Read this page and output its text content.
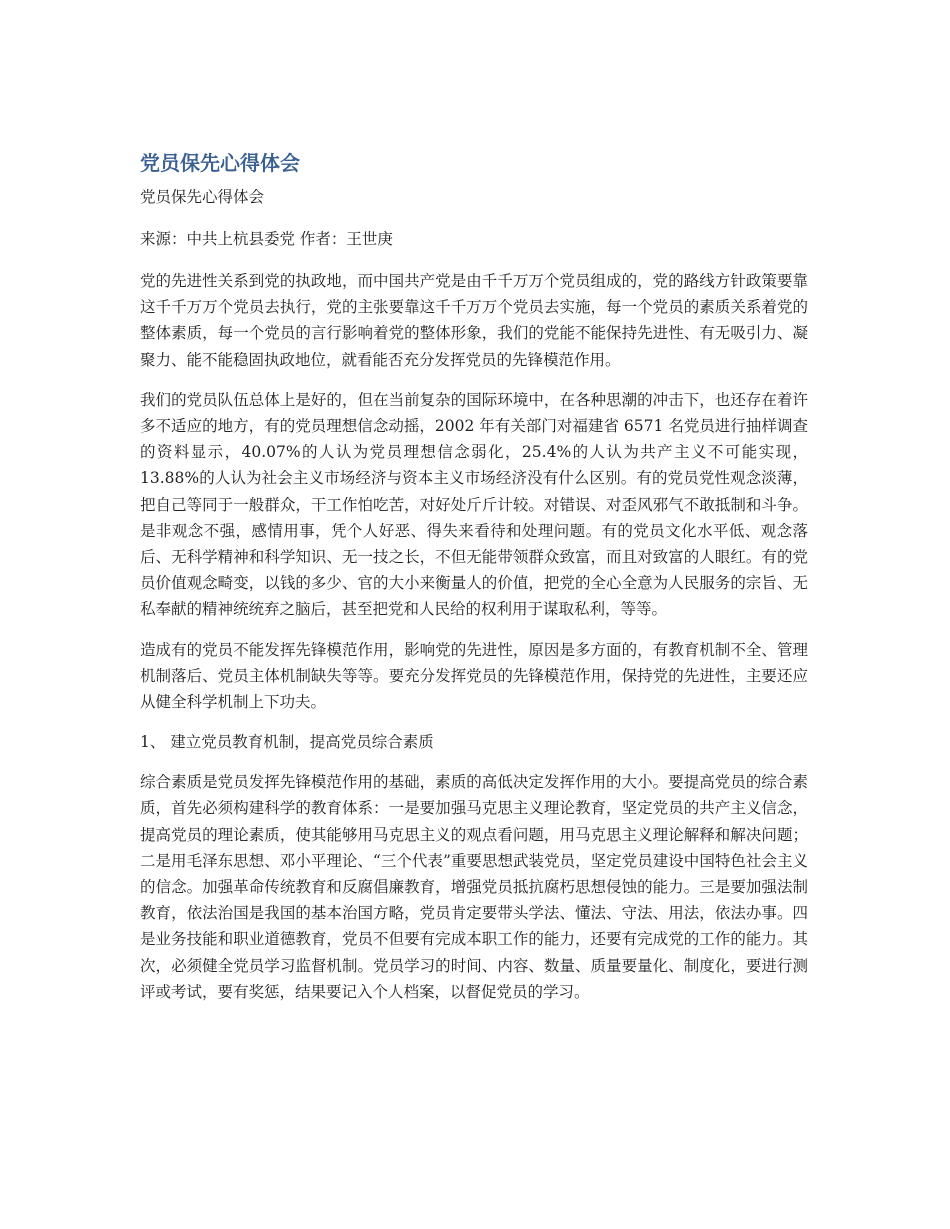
党员保先心得体会
党员保先心得体会
来源：中共上杭县委党 作者：王世庚

党的先进性关系到党的执政地，而中国共产党是由千千万万个党员组成的，党的路线方针政策要靠这千千万万个党员去执行，党的主张要靠这千千万万个党员去实施，每一个党员的素质关系着党的整体素质，每一个党员的言行影响着党的整体形象，我们的党能不能保持先进性、有无吸引力、凝聚力、能不能稳固执政地位，就看能否充分发挥党员的先锋模范作用。

我们的党员队伍总体上是好的，但在当前复杂的国际环境中，在各种思潮的冲击下，也还存在着许多不适应的地方，有的党员理想信念动摇，2002 年有关部门对福建省 6571 名党员进行抽样调查的资料显示，40.07%的人认为党员理想信念弱化，25.4%的人认为共产主义不可能实现，13.88%的人认为社会主义市场经济与资本主义市场经济没有什么区别。有的党员党性观念淡薄，把自己等同于一般群众，干工作怕吃苦，对好处斤斤计较。对错误、对歪风邪气不敢抵制和斗争。是非观念不强，感情用事，凭个人好恶、得失来看待和处理问题。有的党员文化水平低、观念落后、无科学精神和科学知识、无一技之长，不但无能带领群众致富，而且对致富的人眼红。有的党员价值观念畸变，以钱的多少、官的大小来衡量人的价值，把党的全心全意为人民服务的宗旨、无私奉献的精神统统弃之脑后，甚至把党和人民给的权利用于谋取私利，等等。

造成有的党员不能发挥先锋模范作用，影响党的先进性，原因是多方面的，有教育机制不全、管理机制落后、党员主体机制缺失等等。要充分发挥党员的先锋模范作用，保持党的先进性，主要还应从健全科学机制上下功夫。

1、 建立党员教育机制，提高党员综合素质

综合素质是党员发挥先锋模范作用的基础，素质的高低决定发挥作用的大小。要提高党员的综合素质，首先必须构建科学的教育体系：一是要加强马克思主义理论教育，坚定党员的共产主义信念，提高党员的理论素质，使其能够用马克思主义的观点看问题，用马克思主义理论解释和解决问题；二是用毛泽东思想、邓小平理论、“三个代表”重要思想武装党员，坚定党员建设中国特色社会主义的信念。加强革命传统教育和反腐倡廉教育，增强党员抵抗腐朽思想侵蚀的能力。三是要加强法制教育，依法治国是我国的基本治国方略，党员肯定要带头学法、懂法、守法、用法，依法办事。四是业务技能和职业道德教育，党员不但要有完成本职工作的能力，还要有完成党的工作的能力。其次，必须健全党员学习监督机制。党员学习的时间、内容、数量、质量要量化、制度化，要进行测评或考试，要有奖惩，结果要记入个人档案，以督促党员的学习。
